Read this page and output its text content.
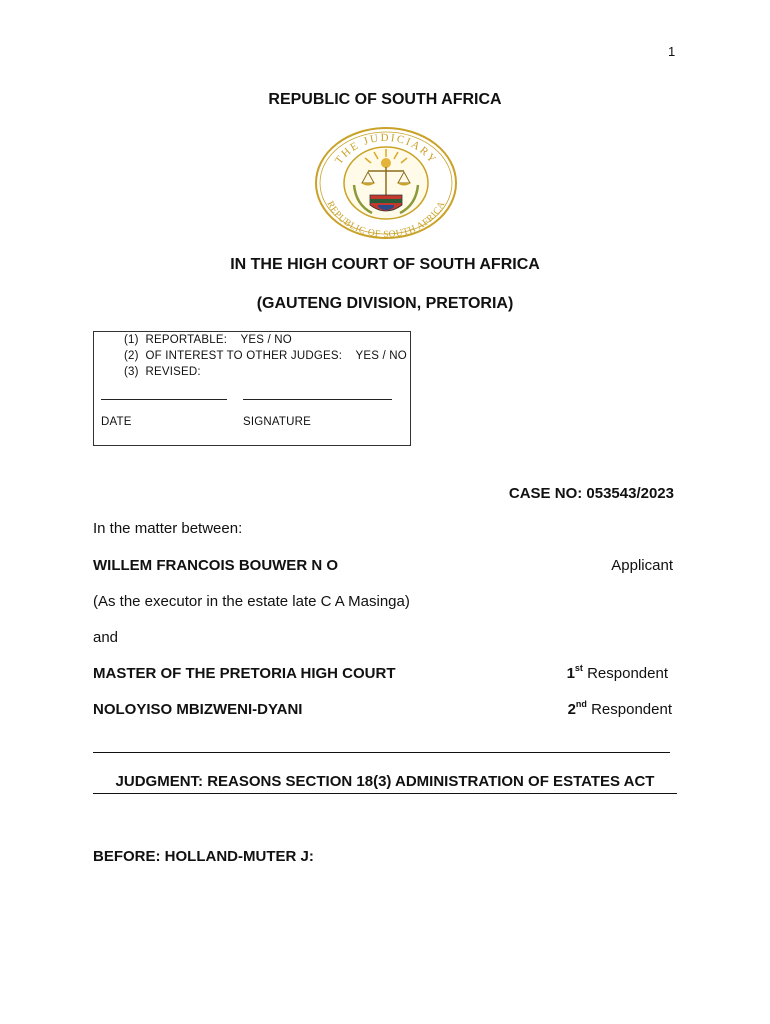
1
REPUBLIC OF SOUTH AFRICA
THE JUDICIARY
REPUBLIC OF SOUTH AFRICA
IN THE HIGH COURT OF SOUTH AFRICA
(GAUTENG DIVISION, PRETORIA)
(1) REPORTABLE: YES / NO
(2) OF INTEREST TO OTHER JUDGES: YES / NO
(3) REVISED:
DATE	SIGNATURE
CASE NO: 053543/2023
In the matter between:
WILLEM FRANCOIS BOUWER N O	Applicant
(As the executor in the estate late C A Masinga)
and
MASTER OF THE PRETORIA HIGH COURT	1st Respondent
NOLOYISO MBIZWENI-DYANI	2nd Respondent
JUDGMENT: REASONS SECTION 18(3) ADMINISTRATION OF ESTATES ACT
BEFORE: HOLLAND-MUTER J:
